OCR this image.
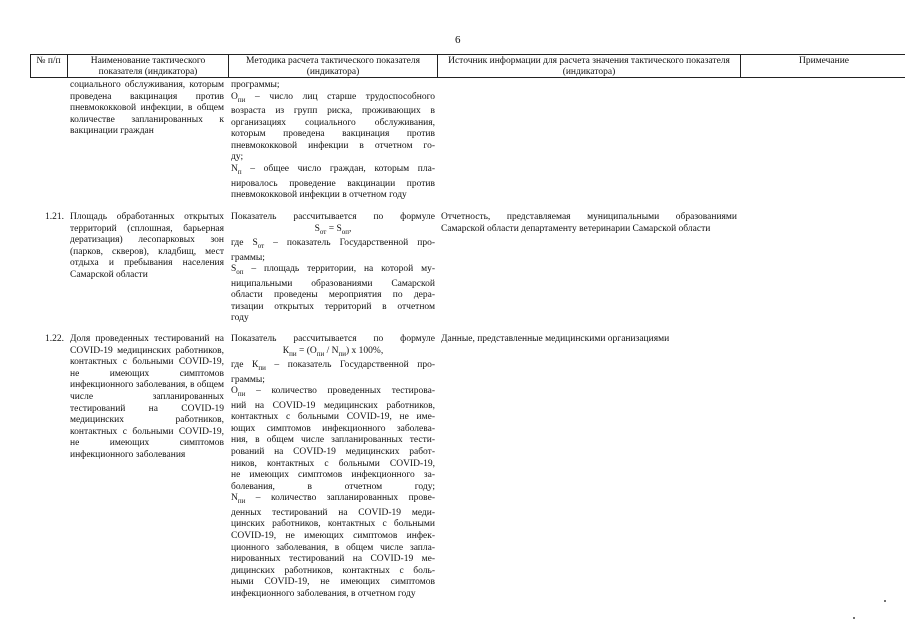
6
№ п/п	Наименование тактического показателя (индикатора)
Методика расчета тактического показателя (индикатора)
Источник информации для расчета значения тактического показателя (индикатора)
Примечание
социального обслуживания, которым проведена вакцинация против пневмококковой инфекции, в общем количестве запланированных к вакцинации граждан
программы;
$О_{пи}$ – число лиц старше трудоспособного
возраста из групп риска, проживающих в
организациях социального обслуживания,
которым проведена вакцинация против
пневмококковой инфекции в отчетном го-
ду;
$N_п$ – общее число граждан, которым пла-
нировалось проведение вакцинации против
пневмококковой инфекции в отчетном году
1.21. Площадь обработанных открытых территорий (сплошная, барьерная дератизация) лесопарковых зон (парков, скверов), кладбищ, мест отдыха и пребывания населения Самарской области
Показатель рассчитывается по формуле
$S_{от} = S_{оп}$,
где $S_{от}$ – показатель Государственной про-
граммы;
$S_{оп}$ – площадь территории, на которой му-
ниципальными образованиями Самарской
области проведены мероприятия по дера-
тизации открытых территорий в отчетном
году
Отчетность, представляемая муниципальными образованиями Самарской области департаменту ветеринарии Самарской области
1.22. Доля проведенных тестирований на COVID-19 медицинских работников, контактных с больными COVID-19, не имеющих симптомов инфекционного заболевания, в общем числе запланированных тестирований на COVID-19 медицинских работников, контактных с больными COVID-19, не имеющих симптомов инфекционного заболевания
Показатель рассчитывается по формуле
$К_{пи} = (О_{пи} / N_{пи})$ x 100%,
где $К_{пи}$ – показатель Государственной про-
граммы;
$О_{пи}$ – количество проведенных тестирова-
ний на COVID-19 медицинских работников,
контактных с больными COVID-19, не име-
ющих симптомов инфекционного заболева-
ния, в общем числе запланированных тести-
рований на COVID-19 медицинских работ-
ников, контактных с больными COVID-19,
не имеющих симптомов инфекционного за-
болевания, в отчетном году;
$N_{пи}$ – количество запланированных прове-
денных тестирований на COVID-19 меди-
цинских работников, контактных с больными
COVID-19, не имеющих симптомов инфек-
ционного заболевания, в общем числе запла-
нированных тестирований на COVID-19 ме-
дицинских работников, контактных с боль-
ными COVID-19, не имеющих симптомов
инфекционного заболевания, в отчетном году
Данные, представленные медицинскими организациями
